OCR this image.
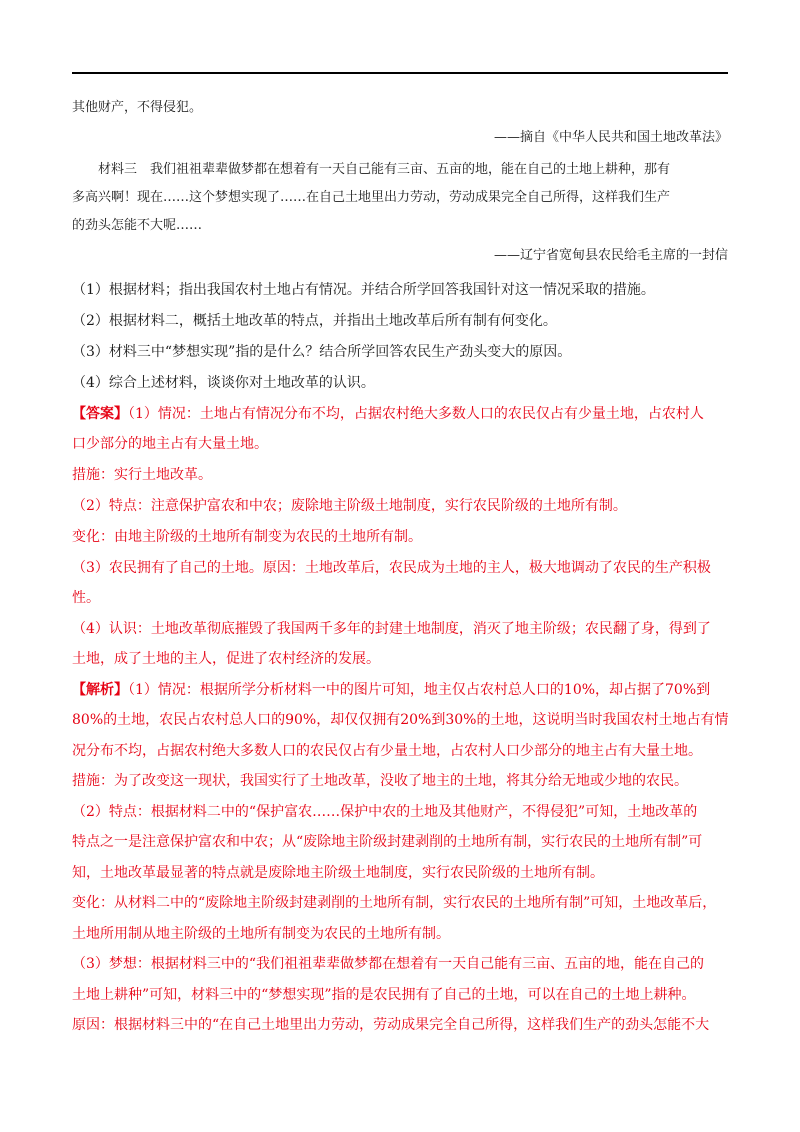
其他财产，不得侵犯。
——摘自《中华人民共和国土地改革法》
　　材料三　我们祖祖辈辈做梦都在想着有一天自己能有三亩、五亩的地，能在自己的土地上耕种，那有
多高兴啊！现在……这个梦想实现了……在自己土地里出力劳动，劳动成果完全自己所得，这样我们生产
的劲头怎能不大呢……
——辽宁省宽甸县农民给毛主席的一封信
（1）根据材料；指出我国农村土地占有情况。并结合所学回答我国针对这一情况采取的措施。
（2）根据材料二，概括土地改革的特点，并指出土地改革后所有制有何变化。
（3）材料三中“梦想实现”指的是什么？结合所学回答农民生产劲头变大的原因。
（4）综合上述材料，谈谈你对土地改革的认识。
【答案】（1）情况：土地占有情况分布不均，占据农村绝大多数人口的农民仅占有少量土地，占农村人
口少部分的地主占有大量土地。
措施：实行土地改革。
（2）特点：注意保护富农和中农；废除地主阶级土地制度，实行农民阶级的土地所有制。
变化：由地主阶级的土地所有制变为农民的土地所有制。
（3）农民拥有了自己的土地。原因：土地改革后，农民成为土地的主人，极大地调动了农民的生产积极
性。
（4）认识：土地改革彻底摧毁了我国两千多年的封建土地制度，消灭了地主阶级；农民翻了身，得到了
土地，成了土地的主人，促进了农村经济的发展。
【解析】（1）情况：根据所学分析材料一中的图片可知，地主仅占农村总人口的10%，却占据了70%到
80%的土地，农民占农村总人口的90%，却仅仅拥有20%到30%的土地，这说明当时我国农村土地占有情
况分布不均，占据农村绝大多数人口的农民仅占有少量土地，占农村人口少部分的地主占有大量土地。
措施：为了改变这一现状，我国实行了土地改革，没收了地主的土地，将其分给无地或少地的农民。
（2）特点：根据材料二中的“保护富农……保护中农的土地及其他财产，不得侵犯”可知，土地改革的
特点之一是注意保护富农和中农；从“废除地主阶级封建剥削的土地所有制，实行农民的土地所有制”可
知，土地改革最显著的特点就是废除地主阶级土地制度，实行农民阶级的土地所有制。
变化：从材料二中的“废除地主阶级封建剥削的土地所有制，实行农民的土地所有制”可知，土地改革后，
土地所用制从地主阶级的土地所有制变为农民的土地所有制。
（3）梦想：根据材料三中的“我们祖祖辈辈做梦都在想着有一天自己能有三亩、五亩的地，能在自己的
土地上耕种”可知，材料三中的“梦想实现”指的是农民拥有了自己的土地，可以在自己的土地上耕种。
原因：根据材料三中的“在自己土地里出力劳动，劳动成果完全自己所得，这样我们生产的劲头怎能不大
